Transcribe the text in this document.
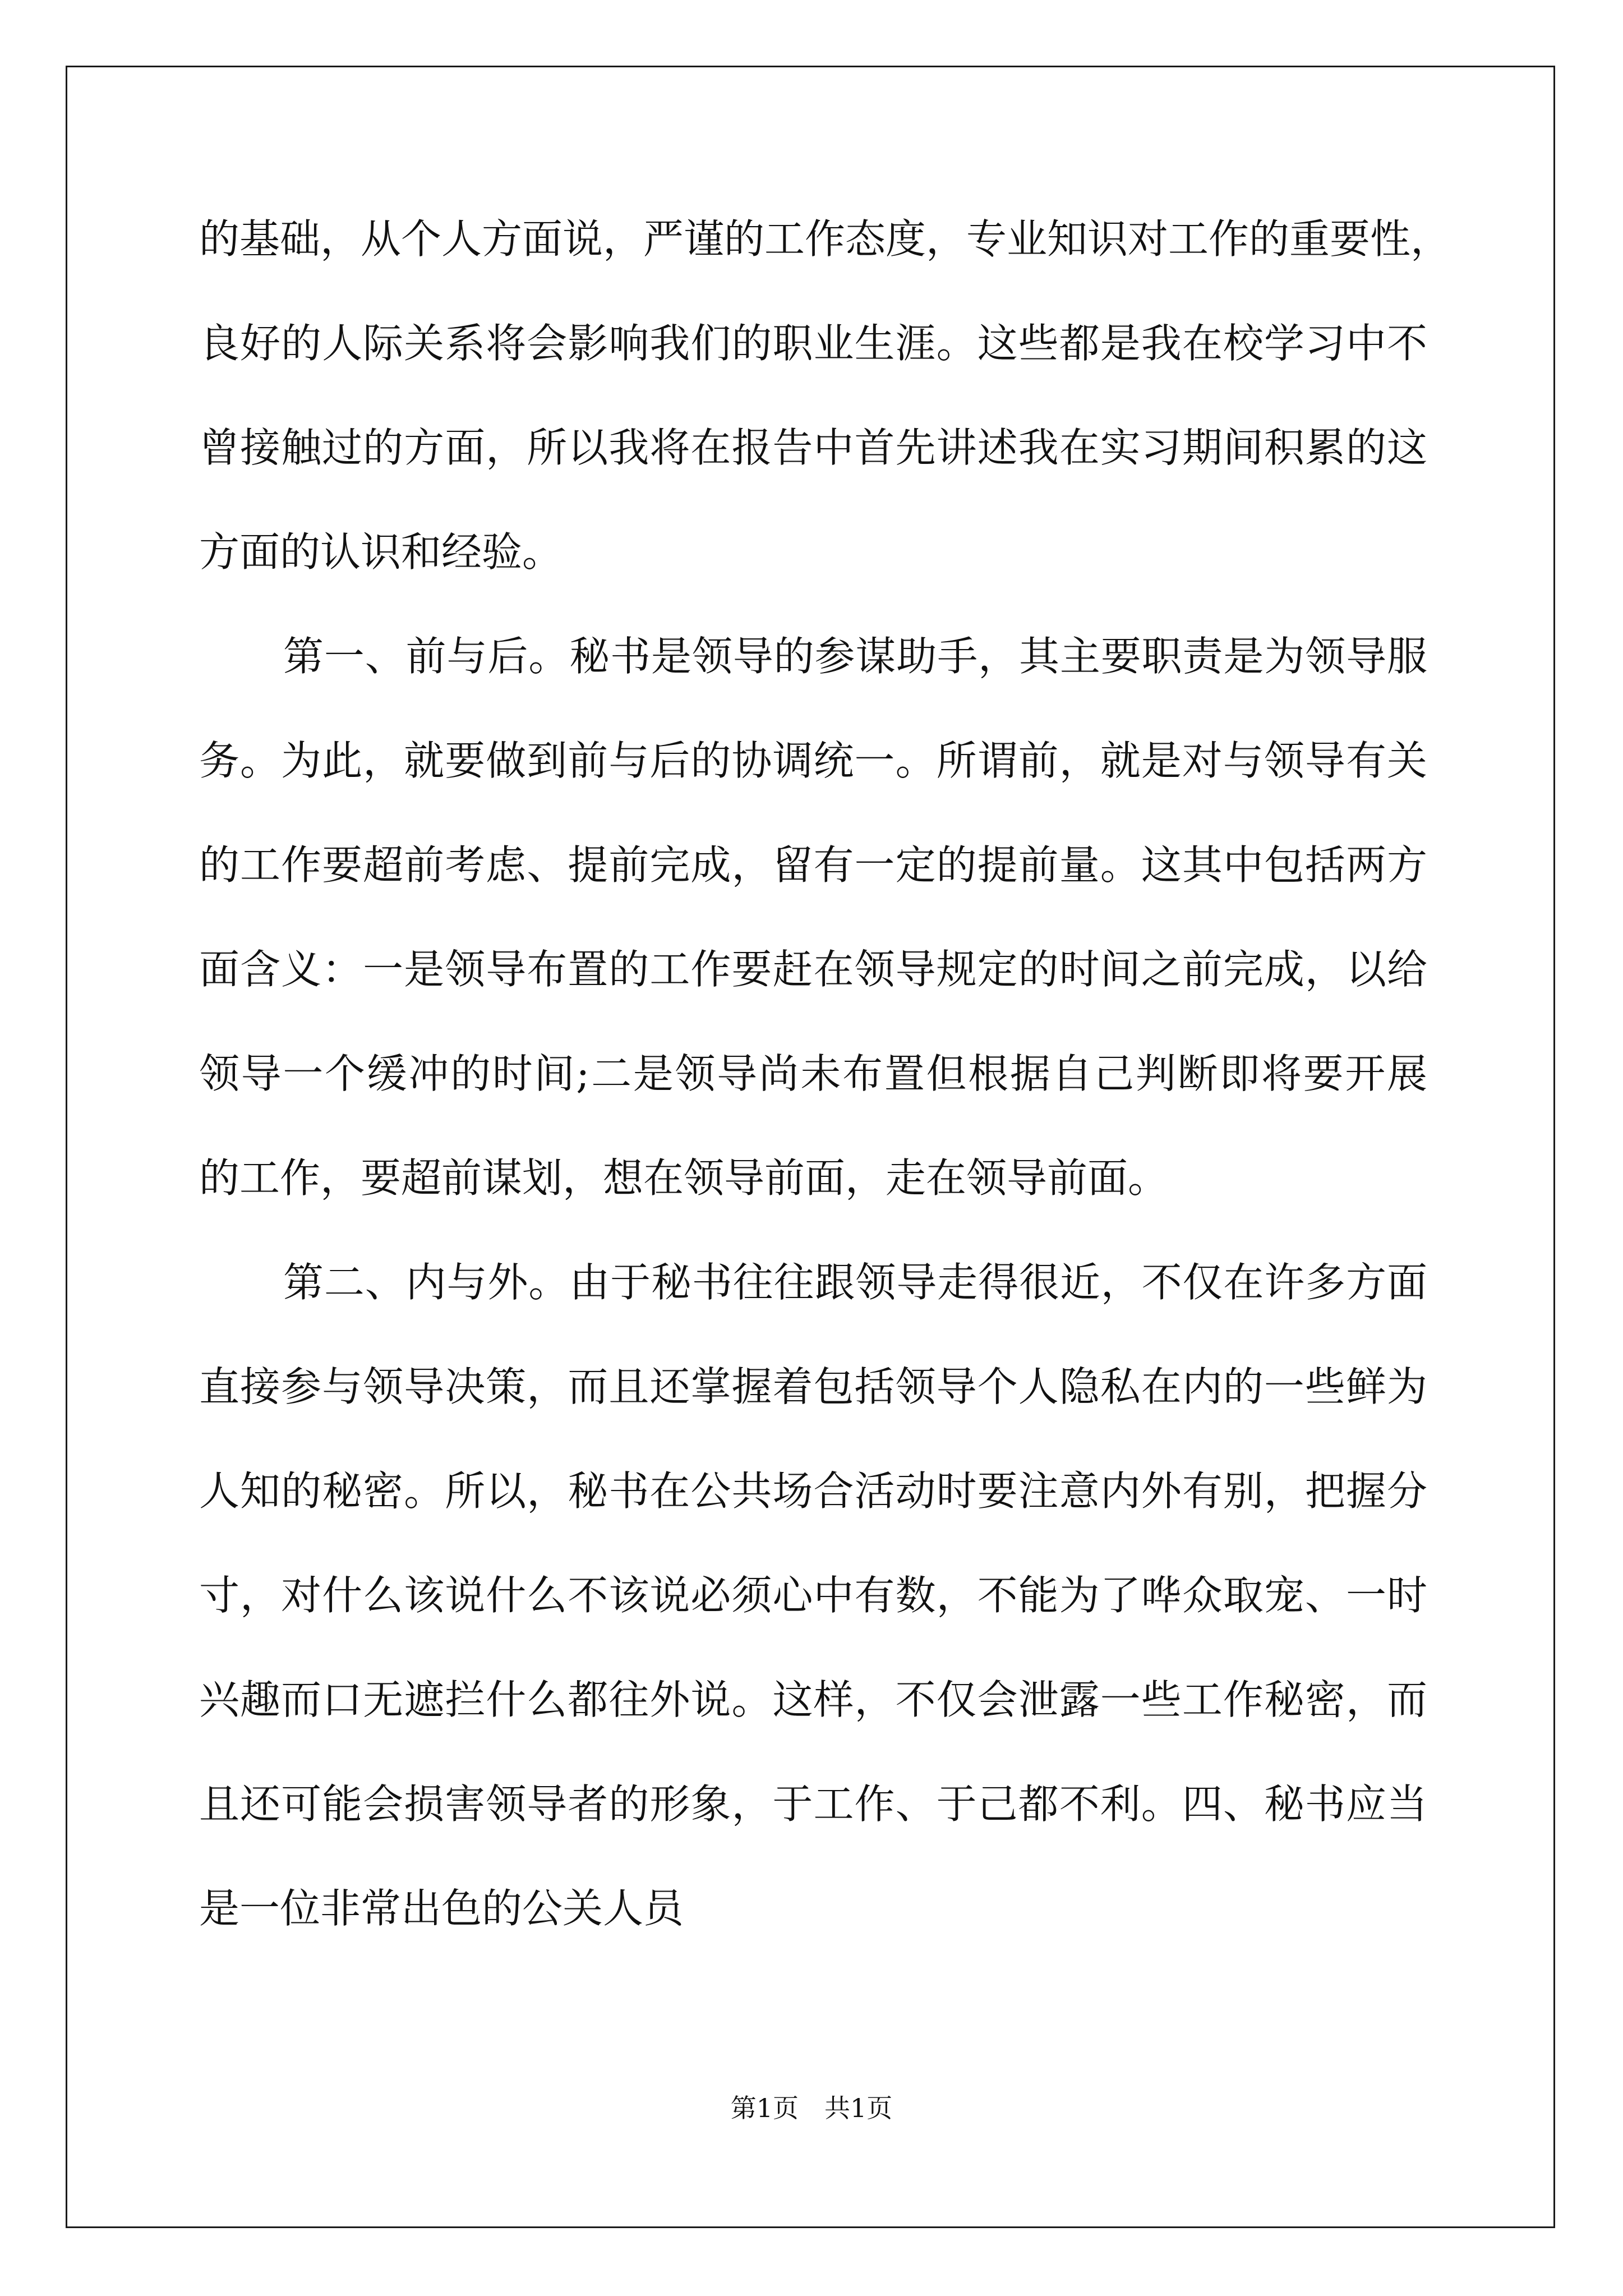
的基础，从个人方面说，严谨的工作态度，专业知识对工作的重要性，
良好的人际关系将会影响我们的职业生涯。这些都是我在校学习中不
曾接触过的方面，所以我将在报告中首先讲述我在实习期间积累的这
方面的认识和经验。
第一、前与后。秘书是领导的参谋助手，其主要职责是为领导服
务。为此，就要做到前与后的协调统一。所谓前，就是对与领导有关
的工作要超前考虑、提前完成，留有一定的提前量。这其中包括两方
面含义：一是领导布置的工作要赶在领导规定的时间之前完成，以给
领导一个缓冲的时间;二是领导尚未布置但根据自己判断即将要开展
的工作，要超前谋划，想在领导前面，走在领导前面。
第二、内与外。由于秘书往往跟领导走得很近，不仅在许多方面
直接参与领导决策，而且还掌握着包括领导个人隐私在内的一些鲜为
人知的秘密。所以，秘书在公共场合活动时要注意内外有别，把握分
寸，对什么该说什么不该说必须心中有数，不能为了哗众取宠、一时
兴趣而口无遮拦什么都往外说。这样，不仅会泄露一些工作秘密，而
且还可能会损害领导者的形象，于工作、于己都不利。四、秘书应当
是一位非常出色的公关人员
第1页　共1页
